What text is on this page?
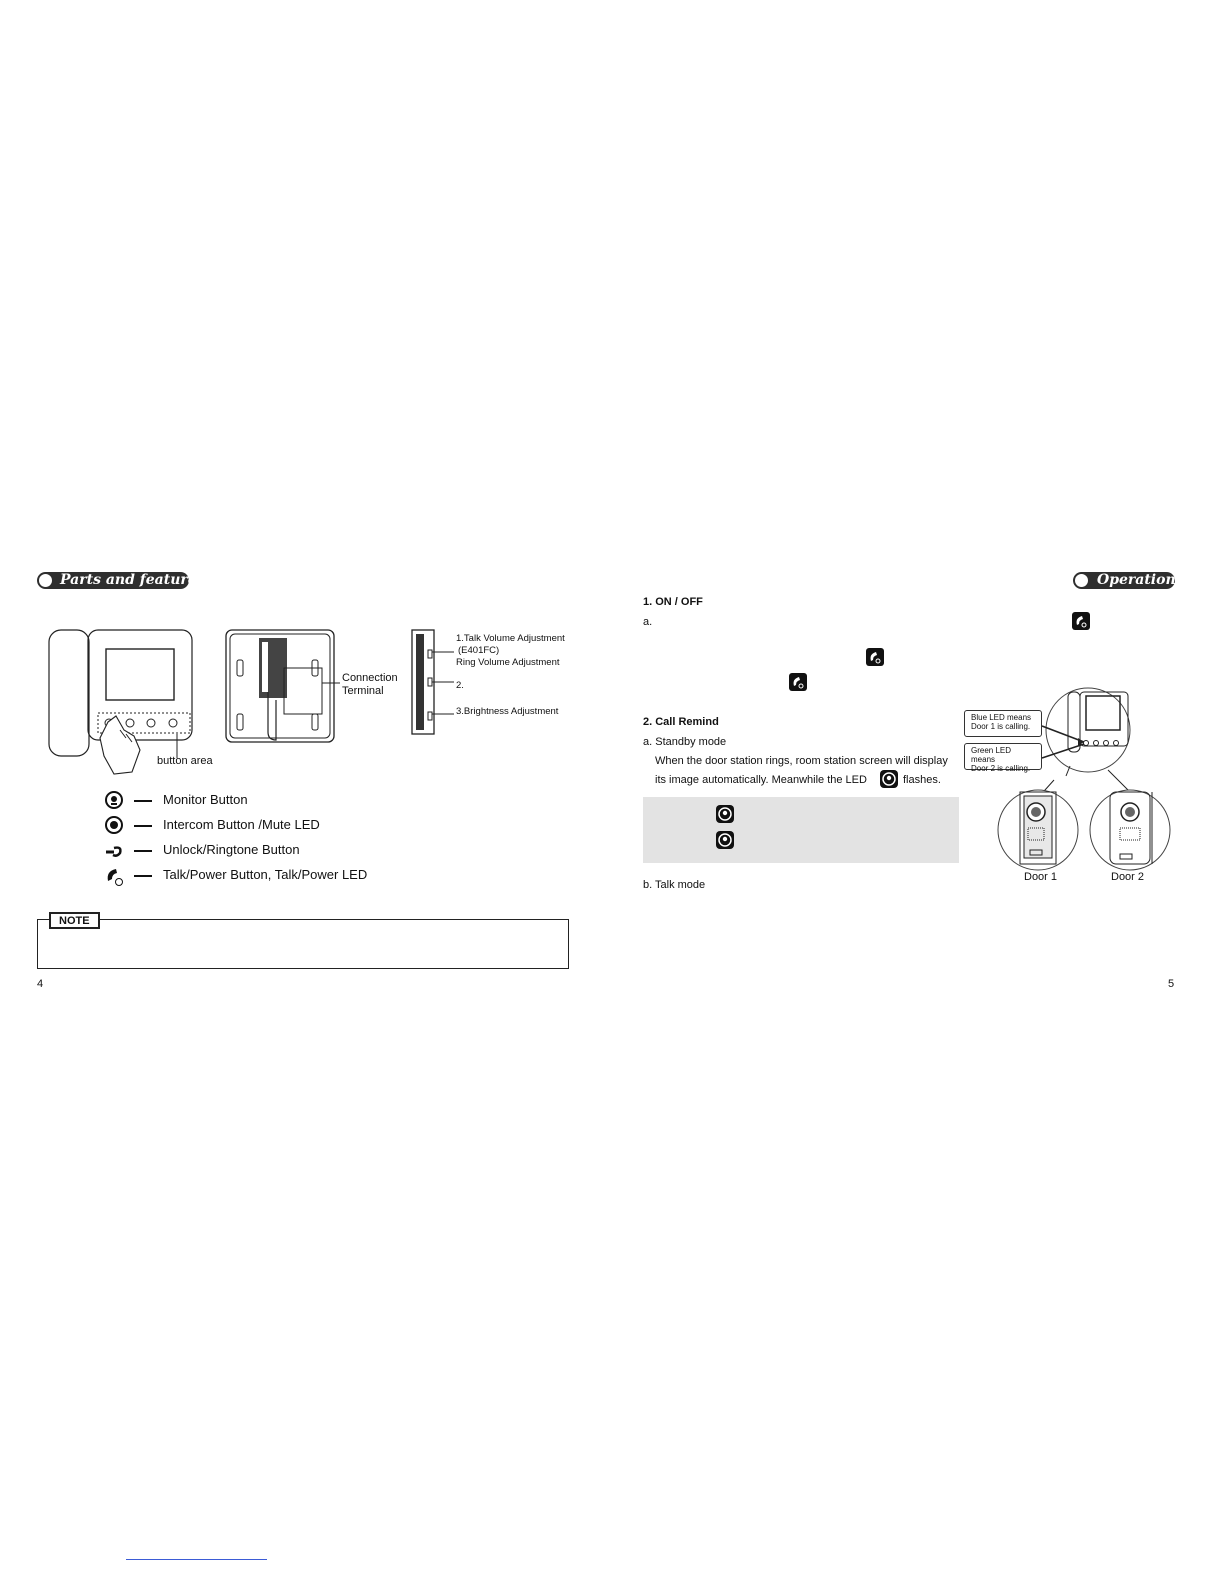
Parts and features
button area
Connection
Terminal
1.Talk Volume Adjustment
(E401FC)
Ring Volume Adjustment
2.
3.Brightness Adjustment
Monitor Button
Intercom Button /Mute LED
Unlock/Ringtone Button
Talk/Power Button, Talk/Power LED
NOTE
4
Operation
1. ON / OFF
a.
2. Call Remind
a. Standby mode
When the door station rings, room station screen will display
its image automatically. Meanwhile the LED	flashes.
b. Talk mode
Blue LED means
Door 1 is calling.
Green LED means
Door 2 is calling.
Door 1	Door 2
5
